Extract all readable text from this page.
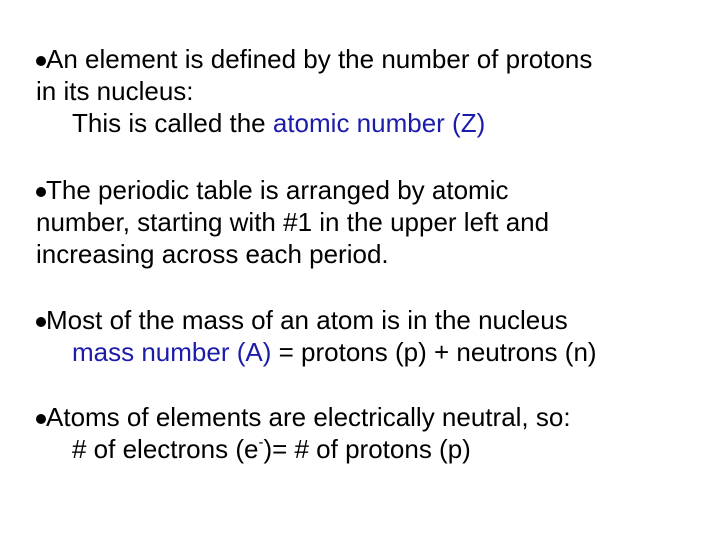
An element is defined by the number of protons
in its nucleus:
This is called the atomic number (Z)
The periodic table is arranged by atomic
number, starting with #1 in the upper left and
increasing across each period.
Most of the mass of an atom is in the nucleus
mass number (A) = protons (p) + neutrons (n)
Atoms of elements are electrically neutral, so:
# of electrons (e-)= # of protons (p)
